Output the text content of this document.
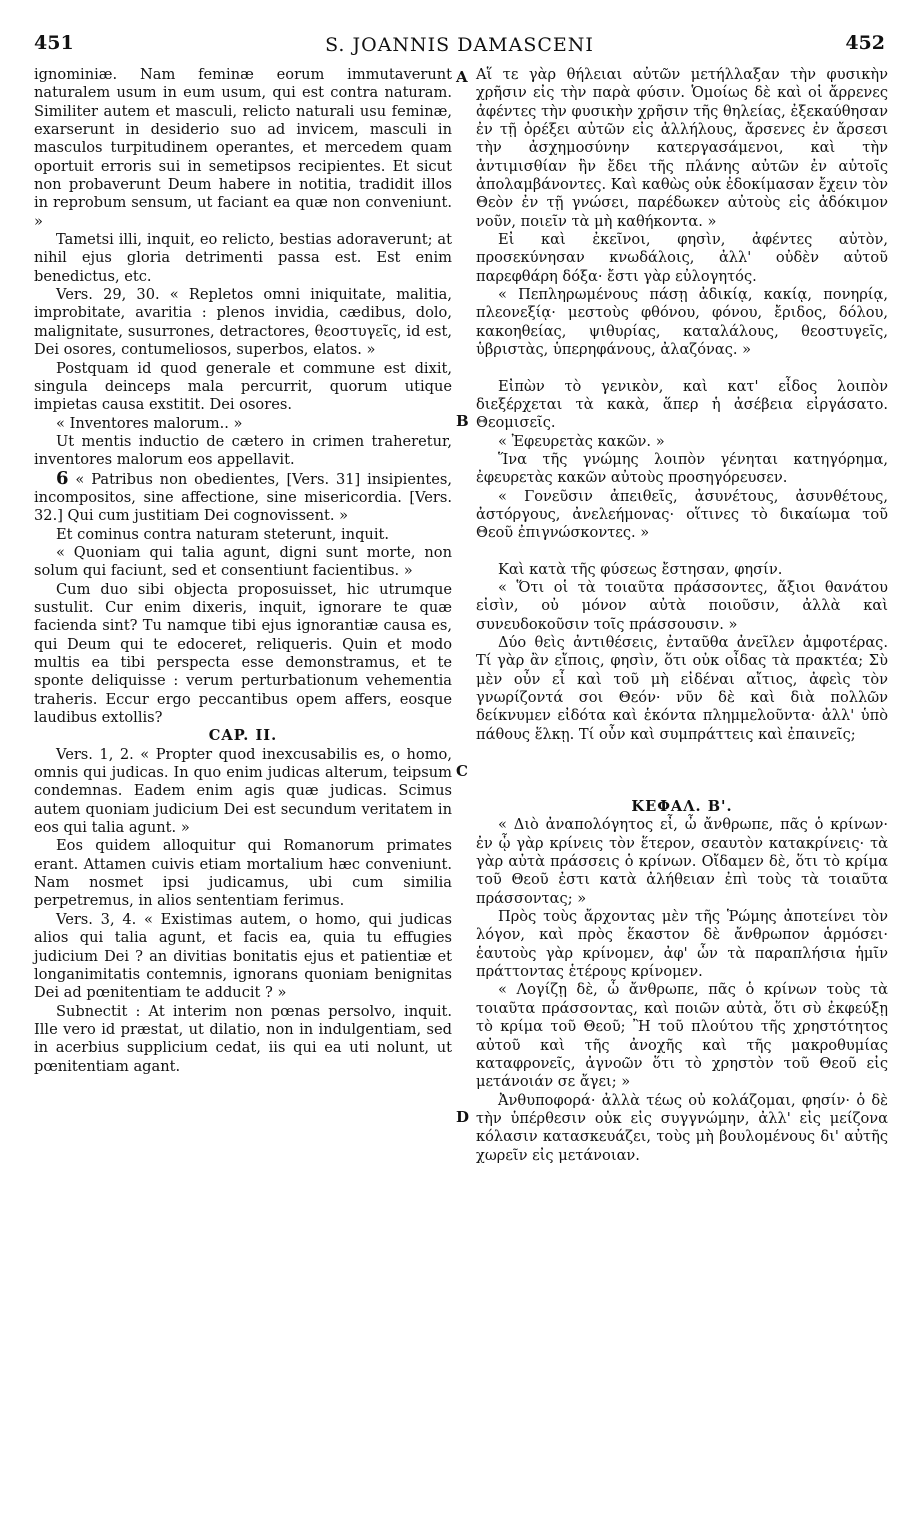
451	S. JOANNIS DAMASCENI	452
A
B
C
D

ignominiæ. Nam feminæ eorum immutaverunt naturalem usum in eum usum, qui est contra naturam. Similiter autem et masculi, relicto naturali usu feminæ, exarserunt in desiderio suo ad invicem, masculi in masculos turpitudinem operantes, et mercedem quam oportuit erroris sui in semetipsos recipientes. Et sicut non probaverunt Deum habere in notitia, tradidit illos in reprobum sensum, ut faciant ea quæ non conveniunt. »

Tametsi illi, inquit, eo relicto, bestias adoraverunt; at nihil ejus gloria detrimenti passa est. Est enim benedictus, etc.

Vers. 29, 30. « Repletos omni iniquitate, malitia, improbitate, avaritia : plenos invidia, cædibus, dolo, malignitate, susurrones, detractores, θεοστυγεῖς, id est, Dei osores, contumeliosos, superbos, elatos. »

Postquam id quod generale et commune est dixit, singula deinceps mala percurrit, quorum utique impietas causa exstitit. Dei osores.

« Inventores malorum.. »

Ut mentis inductio de cætero in crimen traheretur, inventores malorum eos appellavit.

6 « Patribus non obedientes, [Vers. 31] insipientes, incompositos, sine affectione, sine misericordia. [Vers. 32.] Qui cum justitiam Dei cognovissent. »

Et cominus contra naturam steterunt, inquit.

« Quoniam qui talia agunt, digni sunt morte, non solum qui faciunt, sed et consentiunt facientibus. »

Cum duo sibi objecta proposuisset, hic utrumque sustulit. Cur enim dixeris, inquit, ignorare te quæ facienda sint? Tu namque tibi ejus ignorantiæ causa es, qui Deum qui te edoceret, reliqueris. Quin et modo multis ea tibi perspecta esse demonstramus, et te sponte deliquisse : verum perturbationum vehementia traheris. Eccur ergo peccantibus opem affers, eosque laudibus extollis?

CAP. II.

Vers. 1, 2. « Propter quod inexcusabilis es, o homo, omnis qui judicas. In quo enim judicas alterum, teipsum condemnas. Eadem enim agis quæ judicas. Scimus autem quoniam judicium Dei est secundum veritatem in eos qui talia agunt. »

Eos quidem alloquitur qui Romanorum primates erant. Attamen cuivis etiam mortalium hæc conveniunt. Nam nosmet ipsi judicamus, ubi cum similia perpetremus, in alios sententiam ferimus.

Vers. 3, 4. « Existimas autem, o homo, qui judicas alios qui talia agunt, et facis ea, quia tu effugies judicium Dei ? an divitias bonitatis ejus et patientiæ et longanimitatis contemnis, ignorans quoniam benignitas Dei ad pœnitentiam te adducit ? »

Subnectit : At interim non pœnas persolvo, inquit. Ille vero id præstat, ut dilatio, non in indulgentiam, sed in acerbius supplicium cedat, iis qui ea uti nolunt, ut pœnitentiam agant.

Αἵ τε γὰρ θήλειαι αὐτῶν μετήλλαξαν τὴν φυσικὴν χρῆσιν εἰς τὴν παρὰ φύσιν. Ὁμοίως δὲ καὶ οἱ ἄρρενες ἀφέντες τὴν φυσικὴν χρῆσιν τῆς θηλείας, ἐξεκαύθησαν ἐν τῇ ὀρέξει αὐτῶν εἰς ἀλλήλους, ἄρσενες ἐν ἄρσεσι τὴν ἀσχημοσύνην κατεργασάμενοι, καὶ τὴν ἀντιμισθίαν ἣν ἔδει τῆς πλάνης αὐτῶν ἐν αὐτοῖς ἀπολαμβάνοντες. Καὶ καθὼς οὐκ ἐδοκίμασαν ἔχειν τὸν Θεὸν ἐν τῇ γνώσει, παρέδωκεν αὐτοὺς εἰς ἀδόκιμον νοῦν, ποιεῖν τὰ μὴ καθήκοντα. »

Εἰ καὶ ἐκεῖνοι, φησὶν, ἀφέντες αὐτὸν, προσεκύνησαν κνωδάλοις, ἀλλ' οὐδὲν αὐτοῦ παρεφθάρη δόξα· ἔστι γὰρ εὐλογητός.

« Πεπληρωμένους πάσῃ ἀδικίᾳ, κακίᾳ, πονηρίᾳ, πλεονεξίᾳ· μεστοὺς φθόνου, φόνου, ἔριδος, δόλου, κακοηθείας, ψιθυρίας, καταλάλους, θεοστυγεῖς, ὑβριστὰς, ὑπερηφάνους, ἀλαζόνας. »

Εἰπὼν τὸ γενικὸν, καὶ κατ' εἶδος λοιπὸν διεξέρχεται τὰ κακὰ, ἅπερ ἡ ἀσέβεια εἰργάσατο. Θεομισεῖς.

« Ἐφευρετὰς κακῶν. »

Ἵνα τῆς γνώμης λοιπὸν γένηται κατηγόρημα, ἐφευρετὰς κακῶν αὐτοὺς προσηγόρευσεν.

« Γονεῦσιν ἀπειθεῖς, ἀσυνέτους, ἀσυνθέτους, ἀστόργους, ἀνελεήμονας· οἵτινες τὸ δικαίωμα τοῦ Θεοῦ ἐπιγνώσκοντες. »

Καὶ κατὰ τῆς φύσεως ἔστησαν, φησίν.

« Ὅτι οἱ τὰ τοιαῦτα πράσσοντες, ἄξιοι θανάτου εἰσὶν, οὐ μόνον αὐτὰ ποιοῦσιν, ἀλλὰ καὶ συνευδοκοῦσιν τοῖς πράσσουσιν. »

Δύο θεὶς ἀντιθέσεις, ἐνταῦθα ἀνεῖλεν ἀμφοτέρας. Τί γὰρ ἂν εἴποις, φησὶν, ὅτι οὐκ οἶδας τὰ πρακτέα; Σὺ μὲν οὖν εἶ καὶ τοῦ μὴ εἰδέναι αἴτιος, ἀφεὶς τὸν γνωρίζοντά σοι Θεόν· νῦν δὲ καὶ διὰ πολλῶν δείκνυμεν εἰδότα καὶ ἑκόντα πλημμελοῦντα· ἀλλ' ὑπὸ πάθους ἕλκῃ. Τί οὖν καὶ συμπράττεις καὶ ἐπαινεῖς;

ΚΕΦΑΛ. Β'.

« Διὸ ἀναπολόγητος εἶ, ὦ ἄνθρωπε, πᾶς ὁ κρίνων· ἐν ᾧ γὰρ κρίνεις τὸν ἕτερον, σεαυτὸν κατακρίνεις· τὰ γὰρ αὐτὰ πράσσεις ὁ κρίνων. Οἴδαμεν δὲ, ὅτι τὸ κρίμα τοῦ Θεοῦ ἐστι κατὰ ἀλήθειαν ἐπὶ τοὺς τὰ τοιαῦτα πράσσοντας; »

Πρὸς τοὺς ἄρχοντας μὲν τῆς Ῥώμης ἀποτείνει τὸν λόγον, καὶ πρὸς ἕκαστον δὲ ἄνθρωπον ἁρμόσει· ἑαυτοὺς γὰρ κρίνομεν, ἀφ' ὧν τὰ παραπλήσια ἡμῖν πράττοντας ἑτέρους κρίνομεν.

« Λογίζῃ δὲ, ὦ ἄνθρωπε, πᾶς ὁ κρίνων τοὺς τὰ τοιαῦτα πράσσοντας, καὶ ποιῶν αὐτὰ, ὅτι σὺ ἐκφεύξῃ τὸ κρίμα τοῦ Θεοῦ; Ἢ τοῦ πλούτου τῆς χρηστότητος αὐτοῦ καὶ τῆς ἀνοχῆς καὶ τῆς μακροθυμίας καταφρονεῖς, ἀγνοῶν ὅτι τὸ χρηστὸν τοῦ Θεοῦ εἰς μετάνοιάν σε ἄγει; »

Ἀνθυποφορά· ἀλλὰ τέως οὐ κολάζομαι, φησίν· ὁ δὲ τὴν ὑπέρθεσιν οὐκ εἰς συγγνώμην, ἀλλ' εἰς μείζονα κόλασιν κατασκευάζει, τοὺς μὴ βουλομένους δι' αὐτῆς χωρεῖν εἰς μετάνοιαν.
